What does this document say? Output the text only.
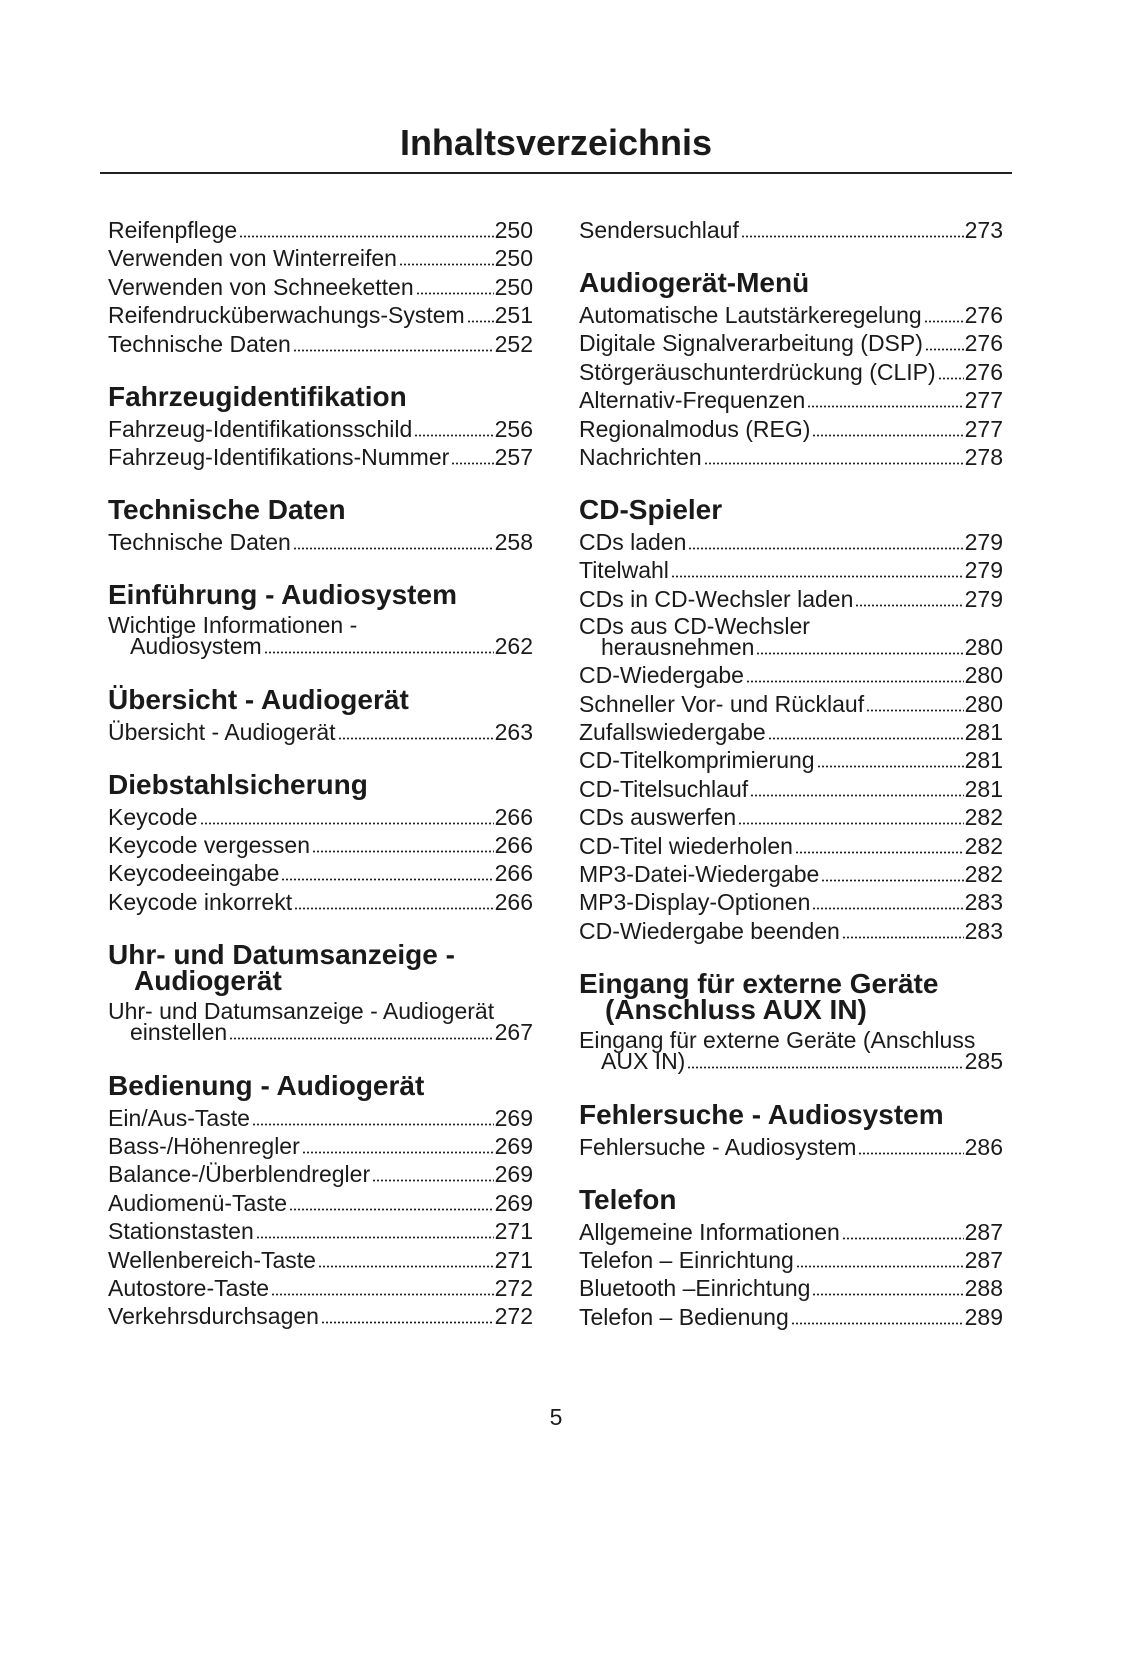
Inhaltsverzeichnis
Reifenpflege	250
Verwenden von Winterreifen	250
Verwenden von Schneeketten	250
Reifendrucküberwachungs-System 251
Technische Daten	252
Fahrzeugidentifikation
Fahrzeug-Identifikationsschild	256
Fahrzeug-Identifikations-Nummer 257
Technische Daten
Technische Daten	258
Einführung - Audiosystem
Wichtige Informationen -
Audiosystem	262
Übersicht - Audiogerät
Übersicht - Audiogerät	263
Diebstahlsicherung
Keycode	266
Keycode vergessen	266
Keycodeeingabe	266
Keycode inkorrekt	266
Uhr- und Datumsanzeige -
Audiogerät
Uhr- und Datumsanzeige - Audiogerät
einstellen	267
Bedienung - Audiogerät
Ein/Aus-Taste	269
Bass-/Höhenregler	269
Balance-/Überblendregler	269
Audiomenü-Taste	269
Stationstasten	271
Wellenbereich-Taste	271
Autostore-Taste	272
Verkehrsdurchsagen	272
Sendersuchlauf	273
Audiogerät-Menü
Automatische Lautstärkeregelung 276
Digitale Signalverarbeitung (DSP) 276
Störgeräuschunterdrückung (CLIP) 276
Alternativ-Frequenzen	277
Regionalmodus (REG)	277
Nachrichten	278
CD-Spieler
CDs laden	279
Titelwahl	279
CDs in CD-Wechsler laden	279
CDs aus CD-Wechsler
herausnehmen	280
CD-Wiedergabe	280
Schneller Vor- und Rücklauf	280
Zufallswiedergabe	281
CD-Titelkomprimierung	281
CD-Titelsuchlauf	281
CDs auswerfen	282
CD-Titel wiederholen	282
MP3-Datei-Wiedergabe	282
MP3-Display-Optionen	283
CD-Wiedergabe beenden	283
Eingang für externe Geräte
(Anschluss AUX IN)
Eingang für externe Geräte (Anschluss
AUX IN)	285
Fehlersuche - Audiosystem
Fehlersuche - Audiosystem	286
Telefon
Allgemeine Informationen	287
Telefon – Einrichtung	287
Bluetooth –Einrichtung	288
Telefon – Bedienung	289
5
